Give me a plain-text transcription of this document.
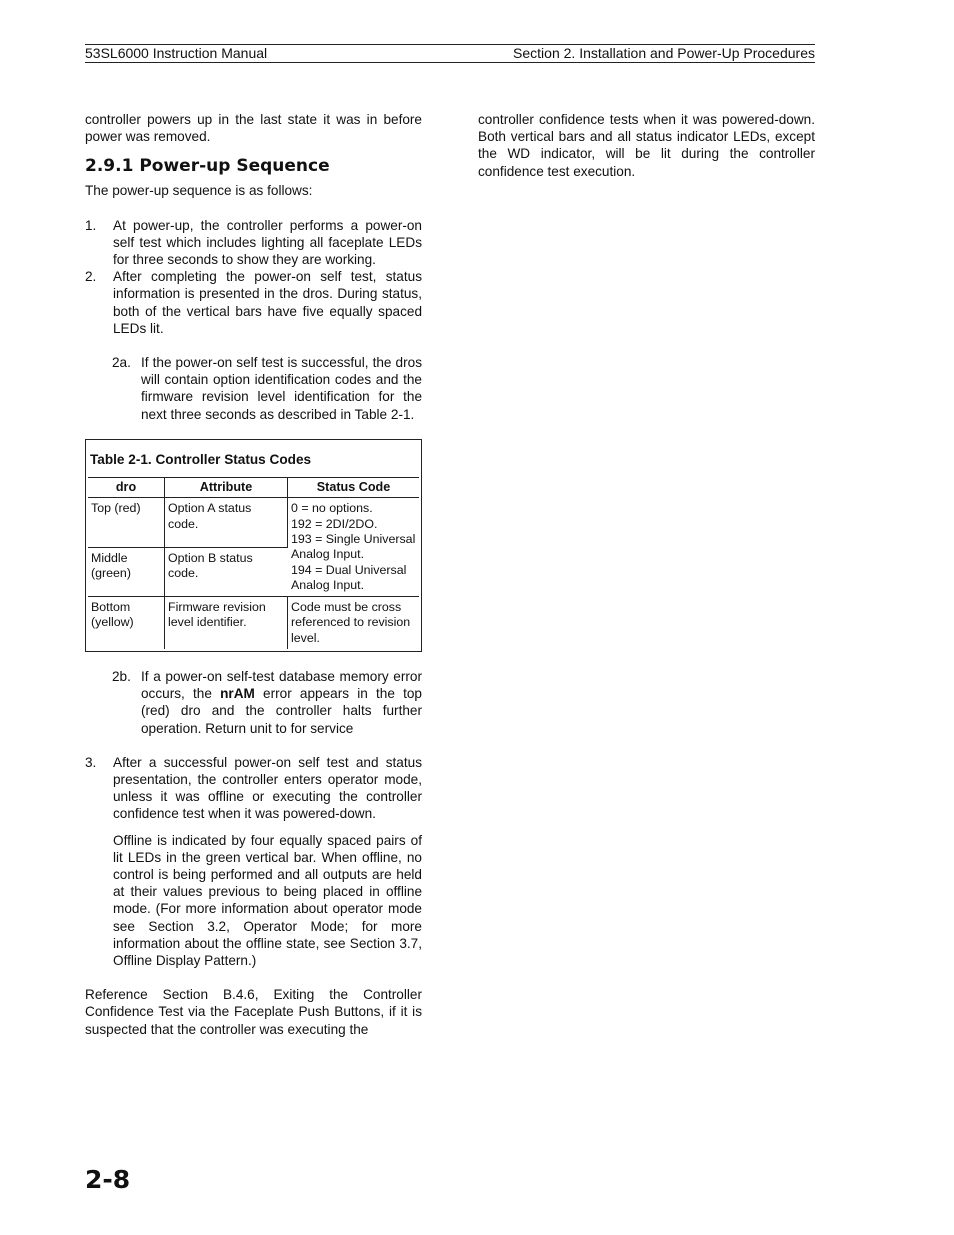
53SL6000 Instruction Manual	Section 2. Installation and Power-Up Procedures

controller powers up in the last state it was in before power was removed.

2.9.1 Power-up Sequence

The power-up sequence is as follows:

1. At power-up, the controller performs a power-on self test which includes lighting all faceplate LEDs for three seconds to show they are working.

2. After completing the power-on self test, status information is presented in the dros. During status, both of the vertical bars have five equally spaced LEDs lit.

2a. If the power-on self test is successful, the dros will contain option identification codes and the firmware revision level identification for the next three seconds as described in Table 2-1.

Table 2-1. Controller Status Codes
dro	Attribute	Status Code
Top (red)	Option A status code.	0 = no options.
192 = 2DI/2DO.
193 = Single Universal Analog Input.
194 = Dual Universal Analog Input.

Middle (green)	Option B status code.	
Bottom (yellow)	Firmware revision level identifier.	Code must be cross referenced to revision level.

2b. If a power-on self-test database memory error occurs, the nrAM error appears in the top (red) dro and the controller halts further operation. Return unit to for service

3. After a successful power-on self test and status presentation, the controller enters operator mode, unless it was offline or executing the controller confidence test when it was powered-down.

Offline is indicated by four equally spaced pairs of lit LEDs in the green vertical bar. When offline, no control is being performed and all outputs are held at their values previous to being placed in offline mode. (For more information about operator mode see Section 3.2, Operator Mode; for more information about the offline state, see Section 3.7, Offline Display Pattern.)

Reference Section B.4.6, Exiting the Controller Confidence Test via the Faceplate Push Buttons, if it is suspected that the controller was executing the

controller confidence tests when it was powered-down. Both vertical bars and all status indicator LEDs, except the WD indicator, will be lit during the controller confidence test execution.

2-8
